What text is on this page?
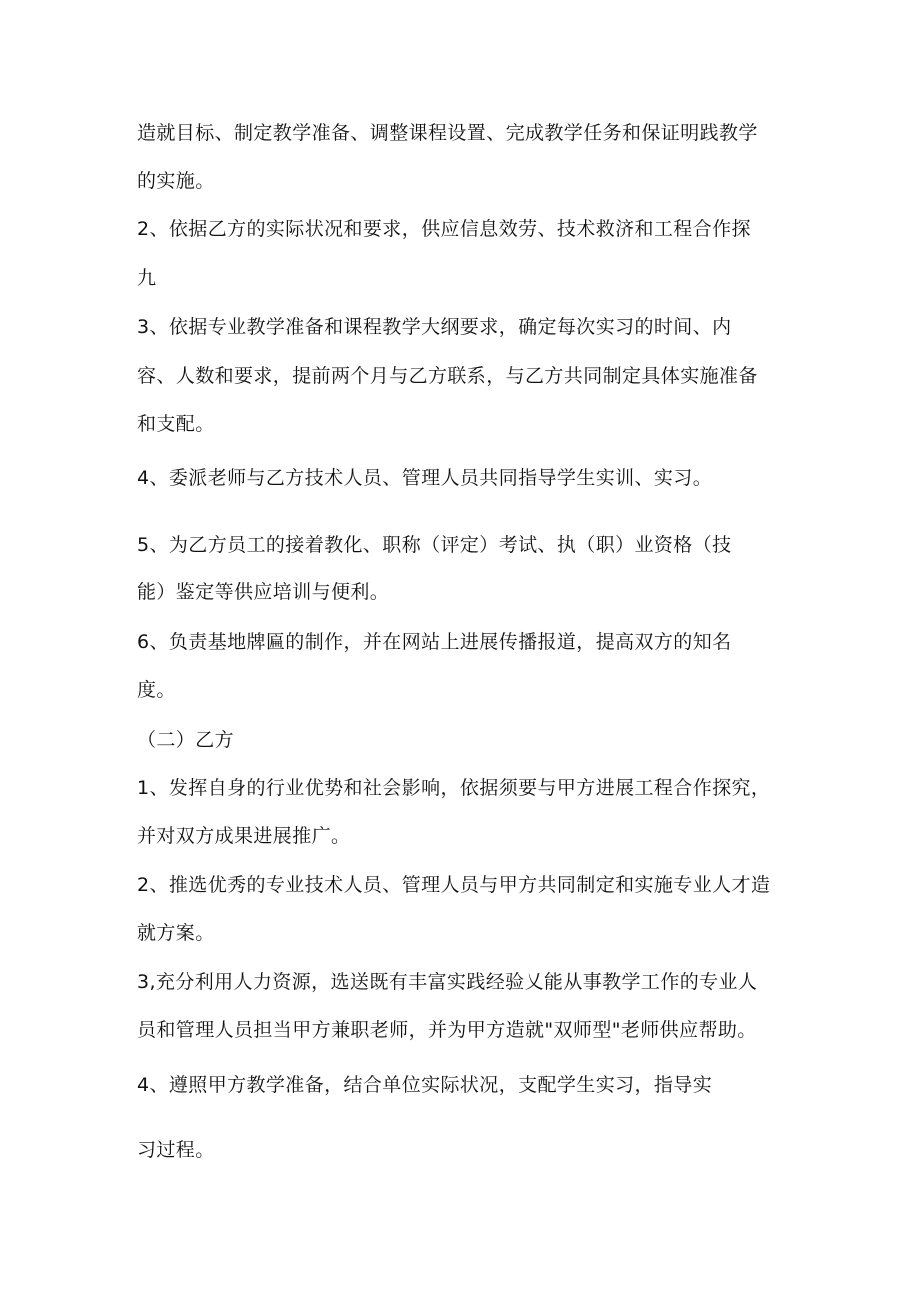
造就目标、制定教学准备、调整课程设置、完成教学任务和保证明践教学
的实施。
2、依据乙方的实际状况和要求，供应信息效劳、技术救济和工程合作探
九
3、依据专业教学准备和课程教学大纲要求，确定每次实习的时间、内
容、人数和要求，提前两个月与乙方联系，与乙方共同制定具体实施准备
和支配。
4、委派老师与乙方技术人员、管理人员共同指导学生实训、实习。
5、为乙方员工的接着教化、职称（评定）考试、执（职）业资格（技
能）鉴定等供应培训与便利。
6、负责基地牌匾的制作，并在网站上进展传播报道，提高双方的知名
度。
（二）乙方
1、发挥自身的行业优势和社会影响，依据须要与甲方进展工程合作探究，
并对双方成果进展推广。
2、推选优秀的专业技术人员、管理人员与甲方共同制定和实施专业人才造
就方案。
3,充分利用人力资源，选送既有丰富实践经验乂能从事教学工作的专业人
员和管理人员担当甲方兼职老师，并为甲方造就"双师型"老师供应帮助。
4、遵照甲方教学准备，结合单位实际状况，支配学生实习，指导实
习过程。
